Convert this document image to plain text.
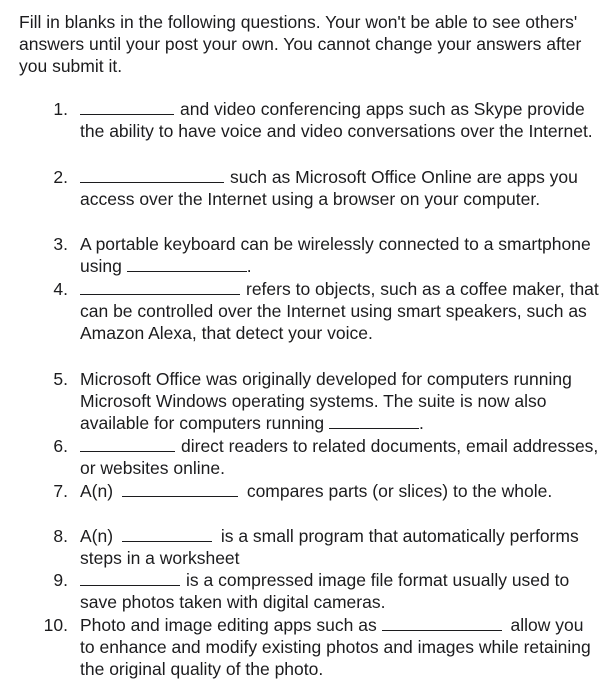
Fill in blanks in the following questions. Your won't be able to see others' answers until your post your own. You cannot change your answers after you submit it.

1.	and video conferencing apps such as Skype provide the ability to have voice and video conversations over the Internet.
2.	such as Microsoft Office Online are apps you access over the Internet using a browser on your computer.
3. A portable keyboard can be wirelessly connected to a smartphone using	.
4.	refers to objects, such as a coffee maker, that can be controlled over the Internet using smart speakers, such as Amazon Alexa, that detect your voice.
5. Microsoft Office was originally developed for computers running Microsoft Windows operating systems. The suite is now also available for computers running	.
6.	direct readers to related documents, email addresses, or websites online.
7. A(n)	compares parts (or slices) to the whole.
8. A(n)	is a small program that automatically performs steps in a worksheet
9.	is a compressed image file format usually used to save photos taken with digital cameras.
10. Photo and image editing apps such as	allow you to enhance and modify existing photos and images while retaining the original quality of the photo.
